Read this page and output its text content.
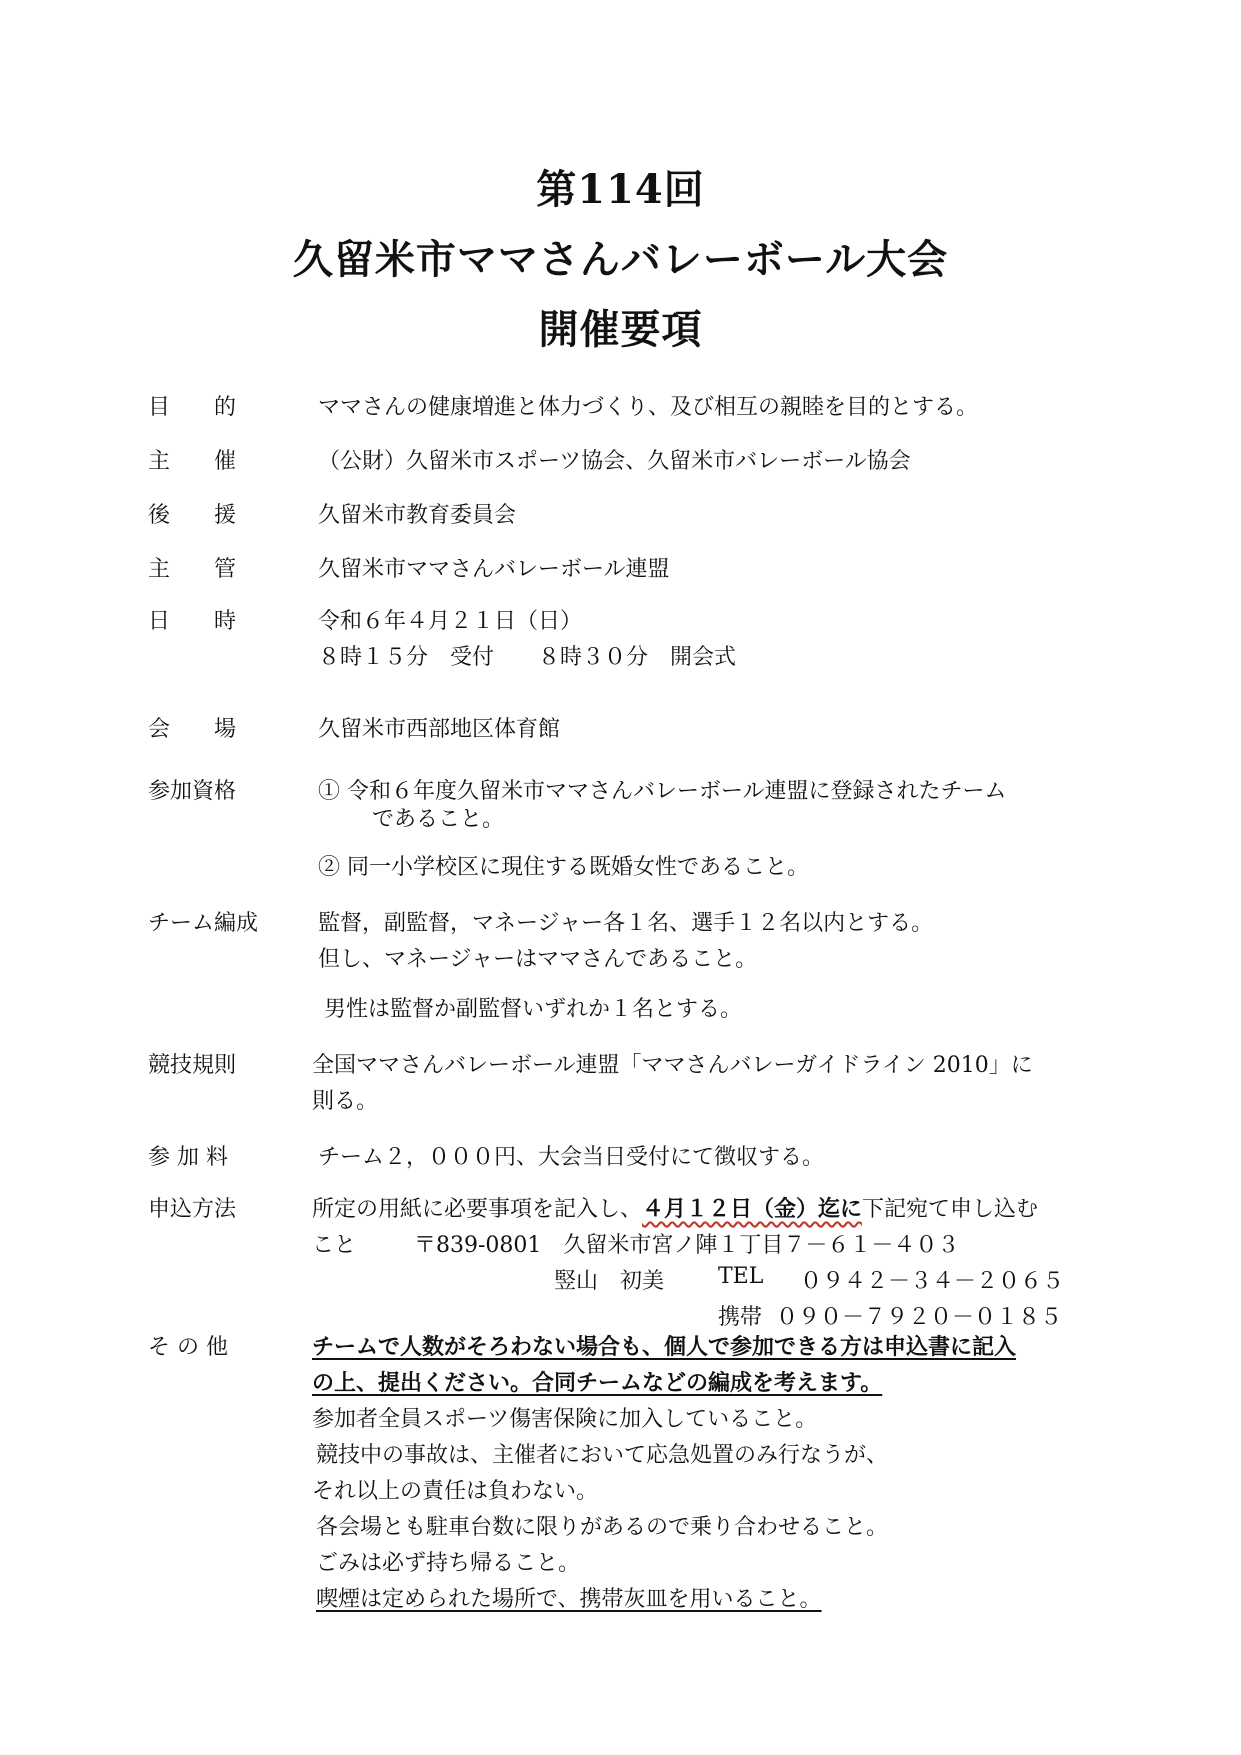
第114回
久留米市ママさんバレーボール大会
開催要項
目　　的	ママさんの健康増進と体力づくり、及び相互の親睦を目的とする。
主　　催	（公財）久留米市スポーツ協会、久留米市バレーボール協会
後　　援	久留米市教育委員会
主　　管	久留米市ママさんバレーボール連盟
日　　時	令和６年４月２１日（日）
８時１５分　受付　　８時３０分　開会式
会　　場	久留米市西部地区体育館
参加資格	① 令和６年度久留米市ママさんバレーボール連盟に登録されたチーム
であること。
② 同一小学校区に現住する既婚女性であること。
チーム編成	監督，副監督，マネージャー各１名、選手１２名以内とする。
但し、マネージャーはママさんであること。
男性は監督か副監督いずれか１名とする。
競技規則	全国ママさんバレーボール連盟「ママさんバレーガイドライン 2010」に
則る。
参 加 料	チーム２，０００円、大会当日受付にて徴収する。
申込方法	所定の用紙に必要事項を記入し、４月１２日（金）迄に下記宛て申し込む
こと	〒839-0801　久留米市宮ノ陣１丁目７－６１－４０３
竪山　初美 TEL ０９４２－３４－２０６５
携帯 ０９０－７９２０－０１８５
そ の 他	チームで人数がそろわない場合も、個人で参加できる方は申込書に記入
の上、提出ください。合同チームなどの編成を考えます。
参加者全員スポーツ傷害保険に加入していること。
競技中の事故は、主催者において応急処置のみ行なうが、
それ以上の責任は負わない。
各会場とも駐車台数に限りがあるので乗り合わせること。
ごみは必ず持ち帰ること。
喫煙は定められた場所で、携帯灰皿を用いること。
